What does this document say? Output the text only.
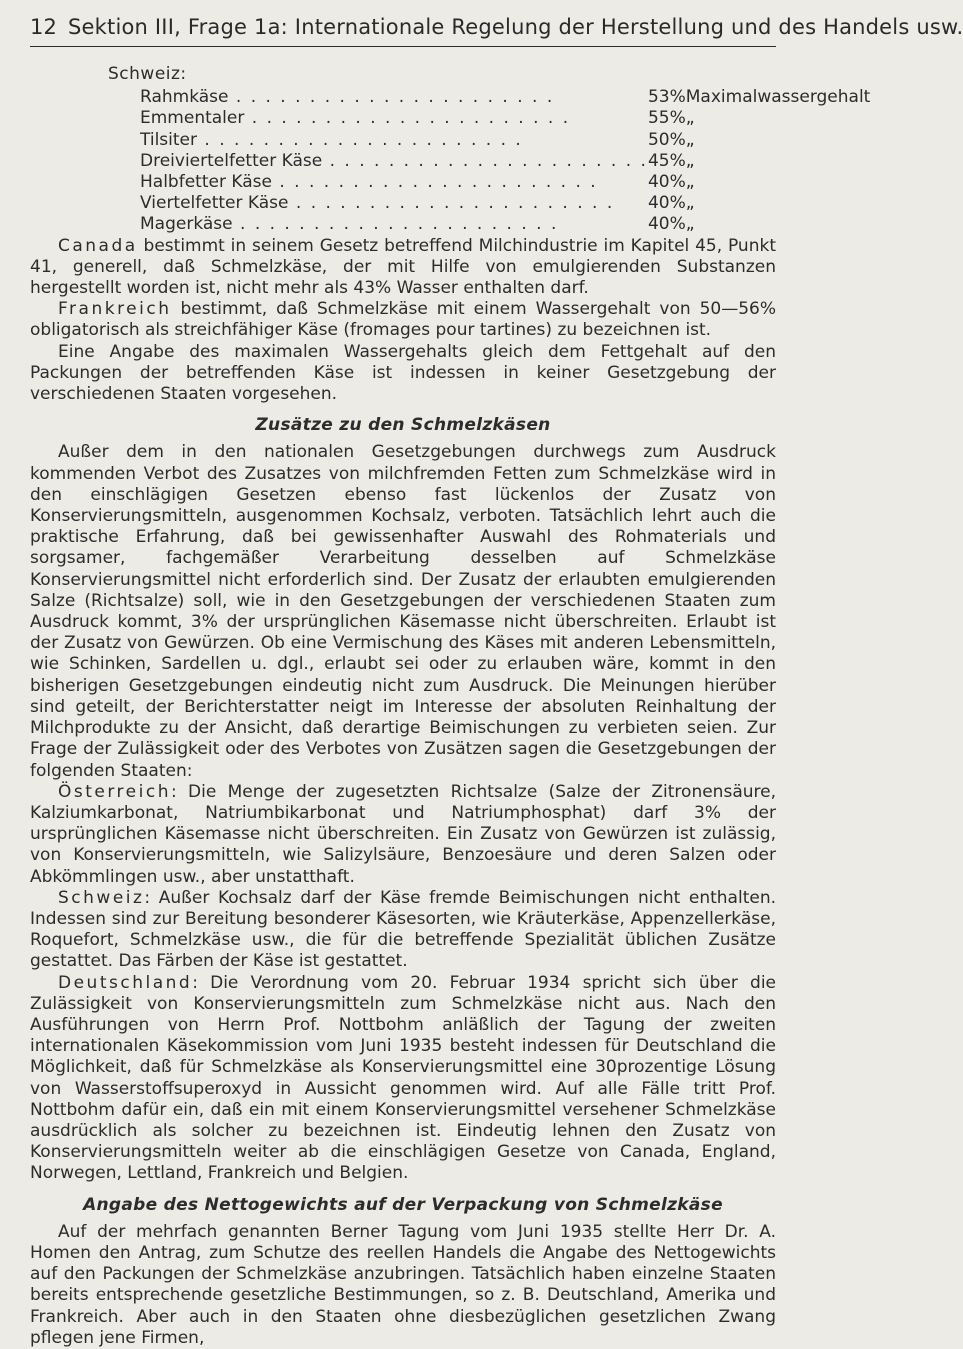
12 Sektion III, Frage 1a: Internationale Regelung der Herstellung und des Handels usw.
Schweiz:
Rahmkäse . . . . . . . . . . . . . . . . . . . . . .	53%	Maximalwassergehalt
Emmentaler . . . . . . . . . . . . . . . . . . . . . .	55%	„
Tilsiter . . . . . . . . . . . . . . . . . . . . . .	50%	„
Dreiviertelfetter Käse . . . . . . . . . . . . . . . . . . . . . .	45%	„
Halbfetter Käse . . . . . . . . . . . . . . . . . . . . . .	40%	„
Viertelfetter Käse . . . . . . . . . . . . . . . . . . . . . .	40%	„
Magerkäse . . . . . . . . . . . . . . . . . . . . . .	40%	„

Canada bestimmt in seinem Gesetz betreffend Milchindustrie im Kapitel 45, Punkt 41, generell, daß Schmelzkäse, der mit Hilfe von emulgierenden Substanzen hergestellt worden ist, nicht mehr als 43% Wasser enthalten darf.

Frankreich bestimmt, daß Schmelzkäse mit einem Wassergehalt von 50—56% obligatorisch als streichfähiger Käse (fromages pour tartines) zu bezeichnen ist.

Eine Angabe des maximalen Wassergehalts gleich dem Fettgehalt auf den Packungen der betreffenden Käse ist indessen in keiner Gesetzgebung der verschiedenen Staaten vorgesehen.

Zusätze zu den Schmelzkäsen

Außer dem in den nationalen Gesetzgebungen durchwegs zum Ausdruck kommenden Verbot des Zusatzes von milchfremden Fetten zum Schmelzkäse wird in den einschlägigen Gesetzen ebenso fast lückenlos der Zusatz von Konservierungsmitteln, ausgenommen Kochsalz, verboten. Tatsächlich lehrt auch die praktische Erfahrung, daß bei gewissenhafter Auswahl des Rohmaterials und sorgsamer, fachgemäßer Verarbeitung desselben auf Schmelzkäse Konservierungsmittel nicht erforderlich sind. Der Zusatz der erlaubten emulgierenden Salze (Richtsalze) soll, wie in den Gesetzgebungen der verschiedenen Staaten zum Ausdruck kommt, 3% der ursprünglichen Käsemasse nicht überschreiten. Erlaubt ist der Zusatz von Gewürzen. Ob eine Vermischung des Käses mit anderen Lebensmitteln, wie Schinken, Sardellen u. dgl., erlaubt sei oder zu erlauben wäre, kommt in den bisherigen Gesetzgebungen eindeutig nicht zum Ausdruck. Die Meinungen hierüber sind geteilt, der Berichterstatter neigt im Interesse der absoluten Reinhaltung der Milchprodukte zu der Ansicht, daß derartige Beimischungen zu verbieten seien. Zur Frage der Zulässigkeit oder des Verbotes von Zusätzen sagen die Gesetzgebungen der folgenden Staaten:

Österreich: Die Menge der zugesetzten Richtsalze (Salze der Zitronensäure, Kalziumkarbonat, Natriumbikarbonat und Natriumphosphat) darf 3% der ursprünglichen Käsemasse nicht überschreiten. Ein Zusatz von Gewürzen ist zulässig, von Konservierungsmitteln, wie Salizylsäure, Benzoesäure und deren Salzen oder Abkömmlingen usw., aber unstatthaft.

Schweiz: Außer Kochsalz darf der Käse fremde Beimischungen nicht enthalten. Indessen sind zur Bereitung besonderer Käsesorten, wie Kräuterkäse, Appenzellerkäse, Roquefort, Schmelzkäse usw., die für die betreffende Spezialität üblichen Zusätze gestattet. Das Färben der Käse ist gestattet.

Deutschland: Die Verordnung vom 20. Februar 1934 spricht sich über die Zulässigkeit von Konservierungsmitteln zum Schmelzkäse nicht aus. Nach den Ausführungen von Herrn Prof. Nottbohm anläßlich der Tagung der zweiten internationalen Käsekommission vom Juni 1935 besteht indessen für Deutschland die Möglichkeit, daß für Schmelzkäse als Konservierungsmittel eine 30prozentige Lösung von Wasserstoffsuperoxyd in Aussicht genommen wird. Auf alle Fälle tritt Prof. Nottbohm dafür ein, daß ein mit einem Konservierungsmittel versehener Schmelzkäse ausdrücklich als solcher zu bezeichnen ist. Eindeutig lehnen den Zusatz von Konservierungsmitteln weiter ab die einschlägigen Gesetze von Canada, England, Norwegen, Lettland, Frankreich und Belgien.

Angabe des Nettogewichts auf der Verpackung von Schmelzkäse

Auf der mehrfach genannten Berner Tagung vom Juni 1935 stellte Herr Dr. A. Homen den Antrag, zum Schutze des reellen Handels die Angabe des Nettogewichts auf den Packungen der Schmelzkäse anzubringen. Tatsächlich haben einzelne Staaten bereits entsprechende gesetzliche Bestimmungen, so z. B. Deutschland, Amerika und Frankreich. Aber auch in den Staaten ohne diesbezüglichen gesetzlichen Zwang pflegen jene Firmen,
